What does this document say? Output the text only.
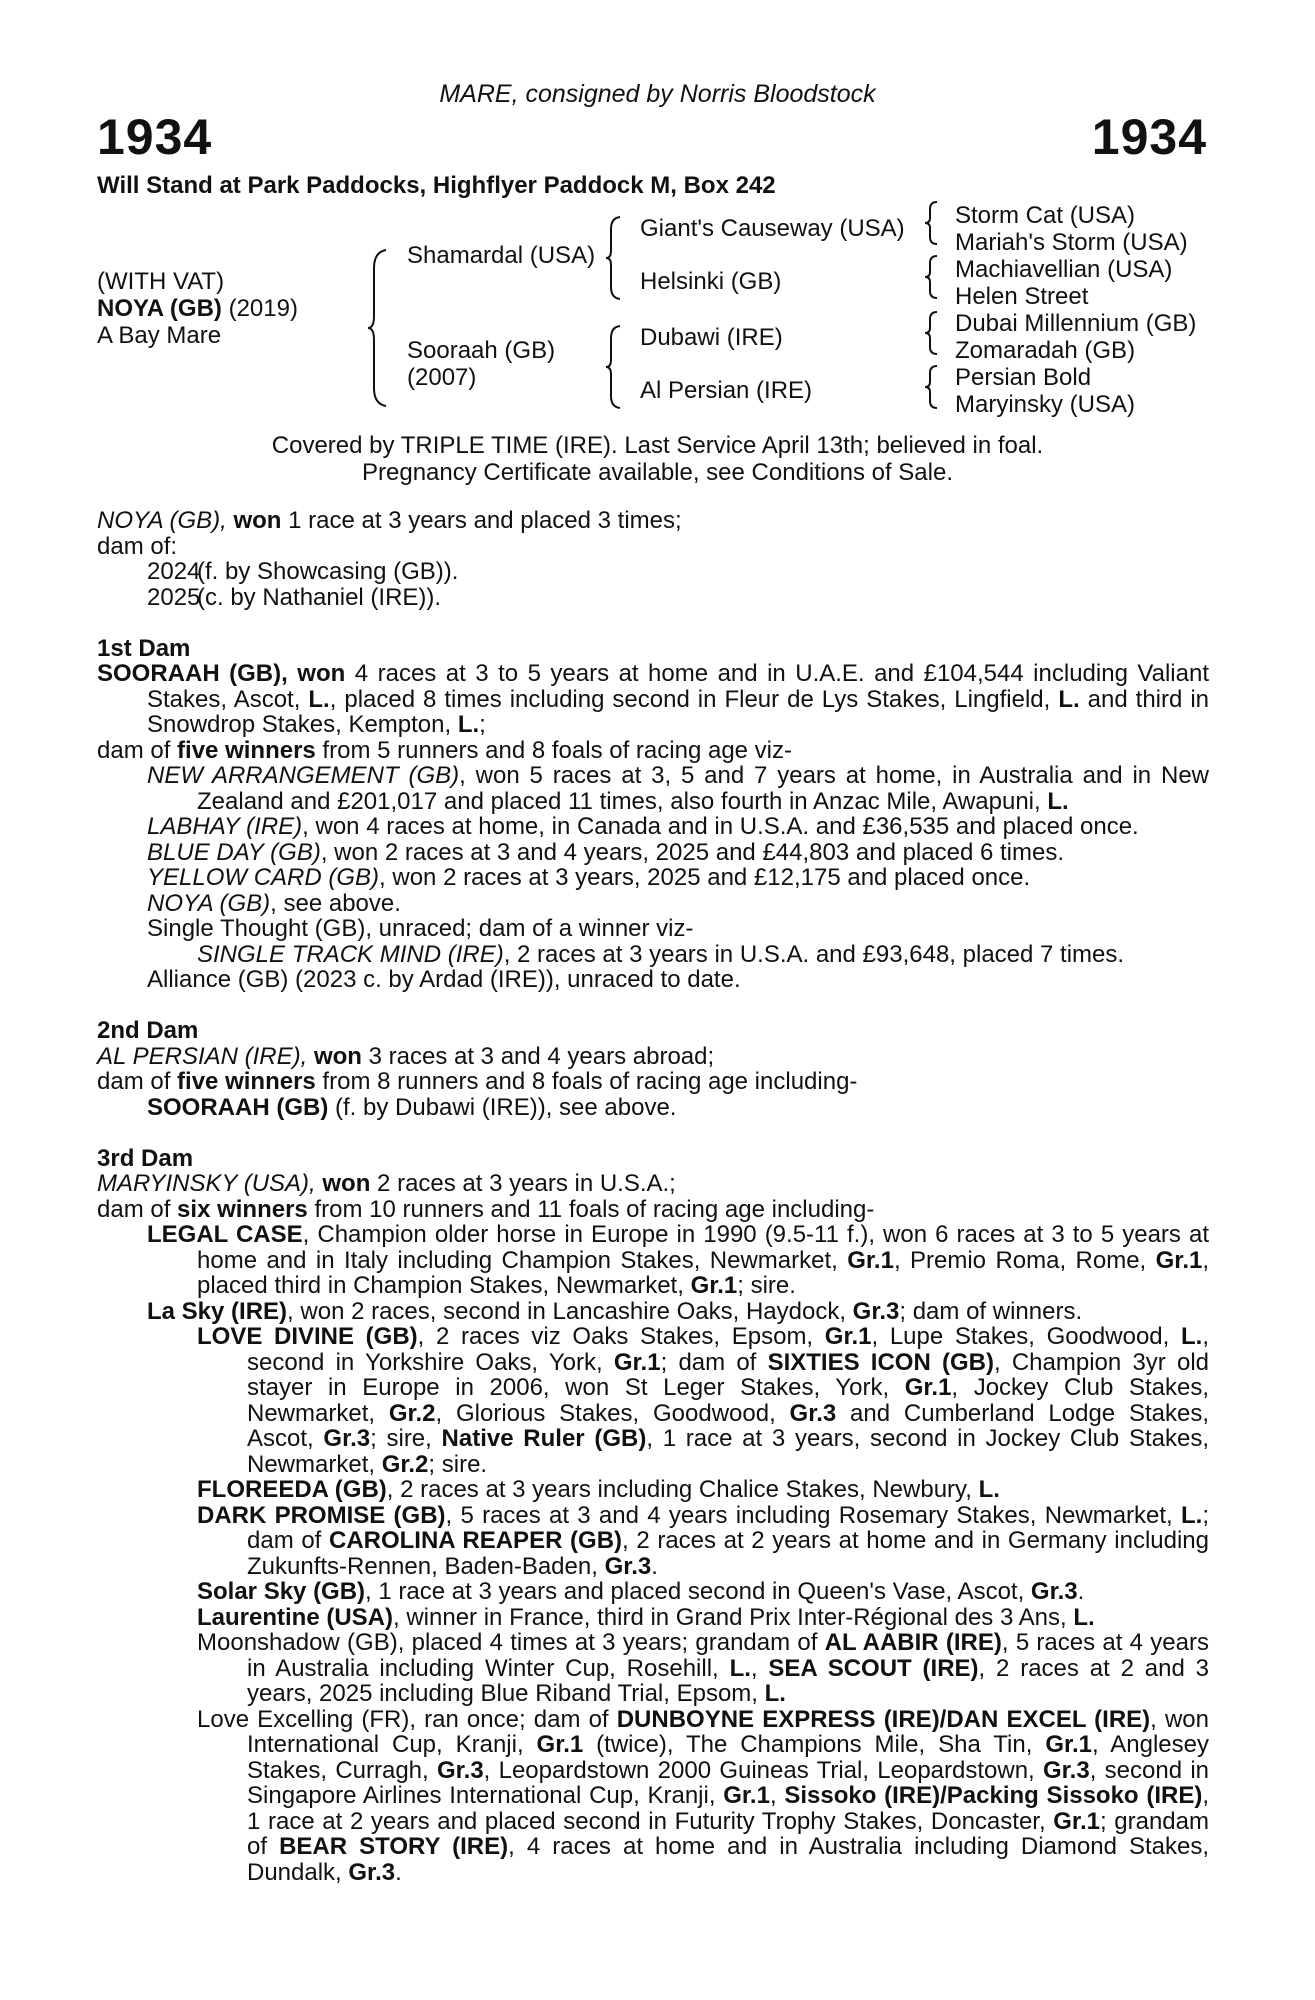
MARE, consigned by Norris Bloodstock
1934	1934
Will Stand at Park Paddocks, Highflyer Paddock M, Box 242
(WITH VAT)
NOYA (GB) (2019)
A Bay Mare
Shamardal (USA)
Sooraah (GB)
(2007)
Giant's Causeway (USA)
Helsinki (GB)
Dubawi (IRE)
Al Persian (IRE)
Storm Cat (USA)
Mariah's Storm (USA)
Machiavellian (USA)
Helen Street
Dubai Millennium (GB)
Zomaradah (GB)
Persian Bold
Maryinsky (USA)
Covered by TRIPLE TIME (IRE). Last Service April 13th; believed in foal.
Pregnancy Certificate available, see Conditions of Sale.

NOYA (GB), won 1 race at 3 years and placed 3 times;

dam of:

2024
(f. by Showcasing (GB)).
2025
(c. by Nathaniel (IRE)).

1st Dam

SOORAAH (GB), won 4 races at 3 to 5 years at home and in U.A.E. and £104,544 including Valiant Stakes, Ascot, L., placed 8 times including second in Fleur de Lys Stakes, Lingfield, L. and third in Snowdrop Stakes, Kempton, L.;

dam of five winners from 5 runners and 8 foals of racing age viz-

NEW ARRANGEMENT (GB), won 5 races at 3, 5 and 7 years at home, in Australia and in New Zealand and £201,017 and placed 11 times, also fourth in Anzac Mile, Awapuni, L.

LABHAY (IRE), won 4 races at home, in Canada and in U.S.A. and £36,535 and placed once.

BLUE DAY (GB), won 2 races at 3 and 4 years, 2025 and £44,803 and placed 6 times.

YELLOW CARD (GB), won 2 races at 3 years, 2025 and £12,175 and placed once.

NOYA (GB), see above.

Single Thought (GB), unraced; dam of a winner viz-

SINGLE TRACK MIND (IRE), 2 races at 3 years in U.S.A. and £93,648, placed 7 times.

Alliance (GB) (2023 c. by Ardad (IRE)), unraced to date.

2nd Dam

AL PERSIAN (IRE), won 3 races at 3 and 4 years abroad;

dam of five winners from 8 runners and 8 foals of racing age including-

SOORAAH (GB) (f. by Dubawi (IRE)), see above.

3rd Dam

MARYINSKY (USA), won 2 races at 3 years in U.S.A.;

dam of six winners from 10 runners and 11 foals of racing age including-

LEGAL CASE, Champion older horse in Europe in 1990 (9.5-11 f.), won 6 races at 3 to 5 years at home and in Italy including Champion Stakes, Newmarket, Gr.1, Premio Roma, Rome, Gr.1, placed third in Champion Stakes, Newmarket, Gr.1; sire.

La Sky (IRE), won 2 races, second in Lancashire Oaks, Haydock, Gr.3; dam of winners.

LOVE DIVINE (GB), 2 races viz Oaks Stakes, Epsom, Gr.1, Lupe Stakes, Goodwood, L., second in Yorkshire Oaks, York, Gr.1; dam of SIXTIES ICON (GB), Champion 3yr old stayer in Europe in 2006, won St Leger Stakes, York, Gr.1, Jockey Club Stakes, Newmarket, Gr.2, Glorious Stakes, Goodwood, Gr.3 and Cumberland Lodge Stakes, Ascot, Gr.3; sire, Native Ruler (GB), 1 race at 3 years, second in Jockey Club Stakes, Newmarket, Gr.2; sire.

FLOREEDA (GB), 2 races at 3 years including Chalice Stakes, Newbury, L.

DARK PROMISE (GB), 5 races at 3 and 4 years including Rosemary Stakes, Newmarket, L.; dam of CAROLINA REAPER (GB), 2 races at 2 years at home and in Germany including Zukunfts-Rennen, Baden-Baden, Gr.3.

Solar Sky (GB), 1 race at 3 years and placed second in Queen's Vase, Ascot, Gr.3.

Laurentine (USA), winner in France, third in Grand Prix Inter-Régional des 3 Ans, L.

Moonshadow (GB), placed 4 times at 3 years; grandam of AL AABIR (IRE), 5 races at 4 years in Australia including Winter Cup, Rosehill, L., SEA SCOUT (IRE), 2 races at 2 and 3 years, 2025 including Blue Riband Trial, Epsom, L.

Love Excelling (FR), ran once; dam of DUNBOYNE EXPRESS (IRE)/DAN EXCEL (IRE), won International Cup, Kranji, Gr.1 (twice), The Champions Mile, Sha Tin, Gr.1, Anglesey Stakes, Curragh, Gr.3, Leopardstown 2000 Guineas Trial, Leopardstown, Gr.3, second in Singapore Airlines International Cup, Kranji, Gr.1, Sissoko (IRE)/Packing Sissoko (IRE), 1 race at 2 years and placed second in Futurity Trophy Stakes, Doncaster, Gr.1; grandam of BEAR STORY (IRE), 4 races at home and in Australia including Diamond Stakes, Dundalk, Gr.3.
